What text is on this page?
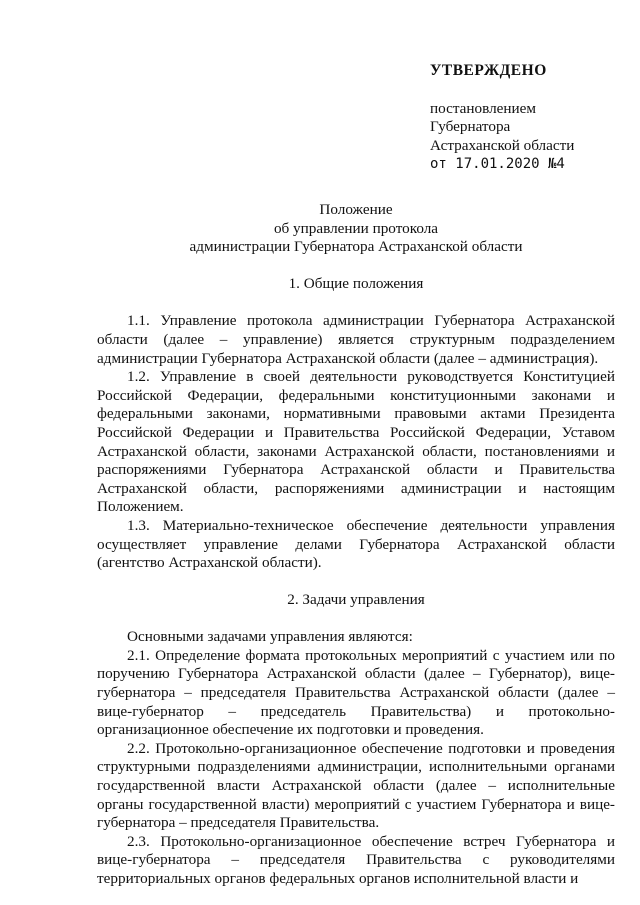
УТВЕРЖДЕНО
постановлением
Губернатора
Астраханской области
от 17.01.2020 №4
Положение
об управлении протокола
администрации Губернатора Астраханской области
1. Общие положения

1.1. Управление протокола администрации Губернатора Астраханской области (далее – управление) является структурным подразделением администрации Губернатора Астраханской области (далее – администрация).

1.2. Управление в своей деятельности руководствуется Конституцией Российской Федерации, федеральными конституционными законами и федеральными законами, нормативными правовыми актами Президента Российской Федерации и Правительства Российской Федерации, Уставом Астраханской области, законами Астраханской области, постановлениями и распоряжениями Губернатора Астраханской области и Правительства Астраханской области, распоряжениями администрации и настоящим Положением.

1.3. Материально-техническое обеспечение деятельности управления осуществляет управление делами Губернатора Астраханской области (агентство Астраханской области).

2. Задачи управления

Основными задачами управления являются:

2.1. Определение формата протокольных мероприятий с участием или по поручению Губернатора Астраханской области (далее – Губернатор), вице-губернатора – председателя Правительства Астраханской области (далее – вице-губернатор – председатель Правительства) и протокольно-организационное обеспечение их подготовки и проведения.

2.2. Протокольно-организационное обеспечение подготовки и проведения структурными подразделениями администрации, исполнительными органами государственной власти Астраханской области (далее – исполнительные органы государственной власти) мероприятий с участием Губернатора и вице-губернатора – председателя Правительства.

2.3. Протокольно-организационное обеспечение встреч Губернатора и вице-губернатора – председателя Правительства с руководителями территориальных органов федеральных органов исполнительной власти и
